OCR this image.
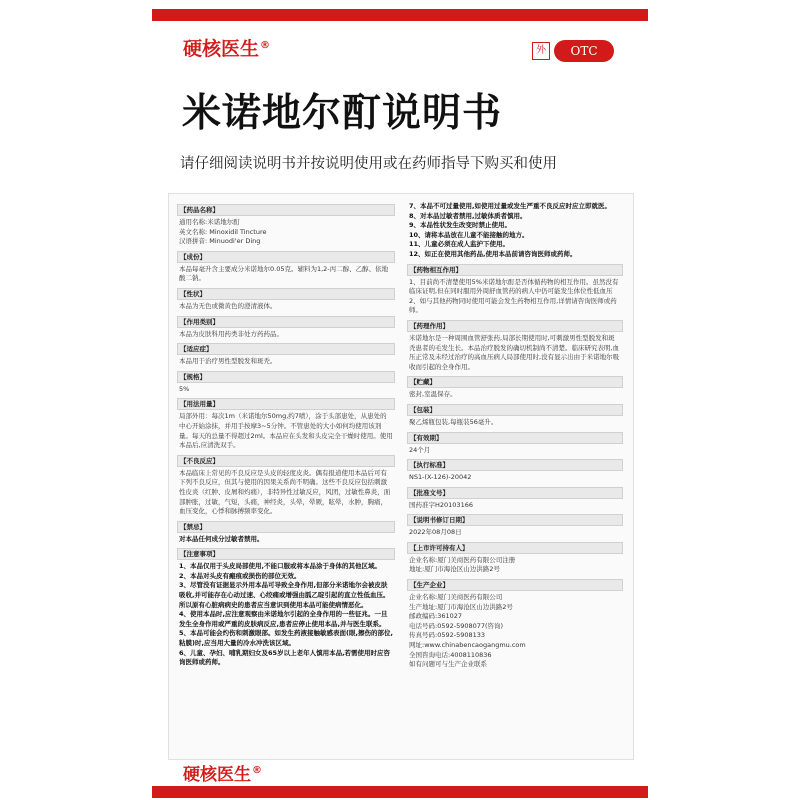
硬核医生®	外	OTC
米诺地尔酊说明书
请仔细阅读说明书并按说明使用或在药师指导下购买和使用
【药品名称】
通用名称:米诺地尔酊
英文名称: Minoxidil Tincture
汉语拼音: Minuodi'er Ding
【成份】
本品每毫升含主要成分米诺地尔0.05克。辅料为1,2-丙二醇、乙醇、依地酸二钠。
【性状】
本品为无色或微黄色的澄清液体。
【作用类别】
本品为皮肤科用药类非处方药药品。
【适应症】
本品用于治疗男性型脱发和斑秃。
【规格】
5%
【用法用量】
局部外用：每次1m（米诺地尔50mg,约7喷），涂于头部患处，从患处的中心开始涂抹，并用手按摩3~5分钟。不管患处的大小如何均使用该剂量。每天的总量不得超过2ml。本品应在头发和头皮完全干燥时使用。使用本品后,应清洗双手。
【不良反应】
本品临床上常见的不良反应是头皮的轻度皮炎。偶有报道使用本品后可有下列不良反应，但其与使用的因果关系尚不明确。这些不良反应包括刺激性皮炎（红肿、皮屑和灼痛），非特异性过敏反应，风团，过敏性鼻炎，面部肿胀，过敏，气短，头痛，神经炎，头晕，晕厥，眩晕，水肿，胸痛，血压变化，心悸和脉搏频率变化。
【禁忌】
对本品任何成分过敏者禁用。
【注意事项】
1、本品仅用于头皮局部使用,不能口服或将本品涂于身体的其他区域。
2、本品对头皮有瘢痕或损伤的部位无效。
3、尽管没有证据显示外用本品可导致全身作用,但部分米诺地尔会被皮肤吸收,并可能存在心动过速、心绞痛或增强由胍乙啶引起的直立性低血压。所以原有心脏病病史的患者应当意识到使用本品可能使病情恶化。
4、使用本品时,应注意观察由米诺地尔引起的全身作用的一些征兆。一旦发生全身作用或严重的皮肤病反应,患者应停止使用本品,并与医生联系。
5、本品可能会灼伤和刺激眼部。如发生药液接触敏感表面(眼,擦伤的部位,粘膜)时,应当用大量的冷水冲洗该区域。
6、儿童、孕妇、哺乳期妇女及65岁以上老年人慎用本品,若需使用时应咨询医师或药师。
7、本品不可过量使用,如使用过量或发生严重不良反应时应立即就医。
8、对本品过敏者禁用,过敏体质者慎用。
9、本品性状发生改变时禁止使用。
10、请将本品放在儿童不能接触的地方。
11、儿童必须在成人监护下使用。
12、如正在使用其他药品,使用本品前请咨询医师或药师。
【药物相互作用】
1、目前尚不清楚使用5%米诺地尔酊是否体循药物的相互作用。虽然没有临床证明,但在同时服用外周舒血管药的病人中仍可能发生体位性低血压
2、如与其他药物同时使用可能会发生药物相互作用,详情请咨询医师或药师。
【药理作用】
米诺地尔是一种周围血管舒张药,局部长期使用时,可刺激男性型脱发和斑秃患者的毛发生长。本品治疗脱发的确切机制尚不清楚。临床研究表明,血压正常及未经过治疗的高血压病人局部使用时,没有显示出由于米诺地尔吸收而引起的全身作用。
【贮藏】
密封,室温保存。
【包装】
聚乙烯瓶包装,每瓶装56毫升。
【有效期】
24个月
【执行标准】
NS1-(X-126)-20042
【批准文号】
国药准字H20103166
【说明书修订日期】
2022年08月08日
【上市许可持有人】
企业名称:厦门美商医药有限公司注册
地址:厦门市海沧区山边洪路2号
【生产企业】
企业名称:厦门美商医药有限公司
生产地址:厦门市海沧区山边洪路2号
邮政编码:361027
电话号码:0592-5908077(咨询)
传真号码:0592-5908133
网址:www.chinabencaogangmu.com
全国咨询电话:4008110836
如有问题可与生产企业联系
硬核医生®
